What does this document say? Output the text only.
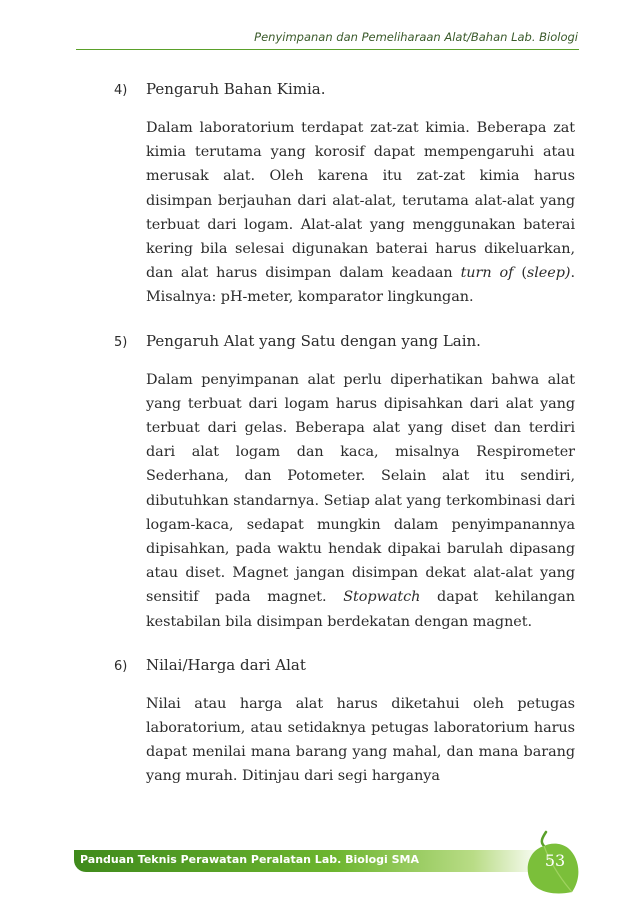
Penyimpanan dan Pemeliharaan Alat/Bahan Lab. Biologi
4)	Pengaruh Bahan Kimia.

Dalam laboratorium terdapat zat-zat kimia. Beberapa zat kimia terutama yang korosif dapat mempengaruhi atau merusak alat. Oleh karena itu zat-zat kimia harus disimpan berjauhan dari alat-alat, terutama alat-alat yang terbuat dari logam. Alat-alat yang menggunakan baterai kering bila selesai digunakan baterai harus dikeluarkan, dan alat harus disimpan dalam keadaan turn of (sleep). Misalnya: pH-meter, komparator lingkungan.

5)	Pengaruh Alat yang Satu dengan yang Lain.

Dalam penyimpanan alat perlu diperhatikan bahwa alat yang terbuat dari logam harus dipisahkan dari alat yang terbuat dari gelas. Beberapa alat yang diset dan terdiri dari alat logam dan kaca, misalnya Respirometer Sederhana, dan Potometer. Selain alat itu sendiri, dibutuhkan standarnya. Setiap alat yang terkombinasi dari logam-kaca, sedapat mungkin dalam penyimpanannya dipisahkan, pada waktu hendak dipakai barulah dipasang atau diset. Magnet jangan disimpan dekat alat-alat yang sensitif pada magnet. Stopwatch dapat kehilangan kestabilan bila disimpan berdekatan dengan magnet.

6)	Nilai/Harga dari Alat

Nilai atau harga alat harus diketahui oleh petugas laboratorium, atau setidaknya petugas laboratorium harus dapat menilai mana barang yang mahal, dan mana barang yang murah. Ditinjau dari segi harganya

Panduan Teknis Perawatan Peralatan Lab. Biologi SMA	53
